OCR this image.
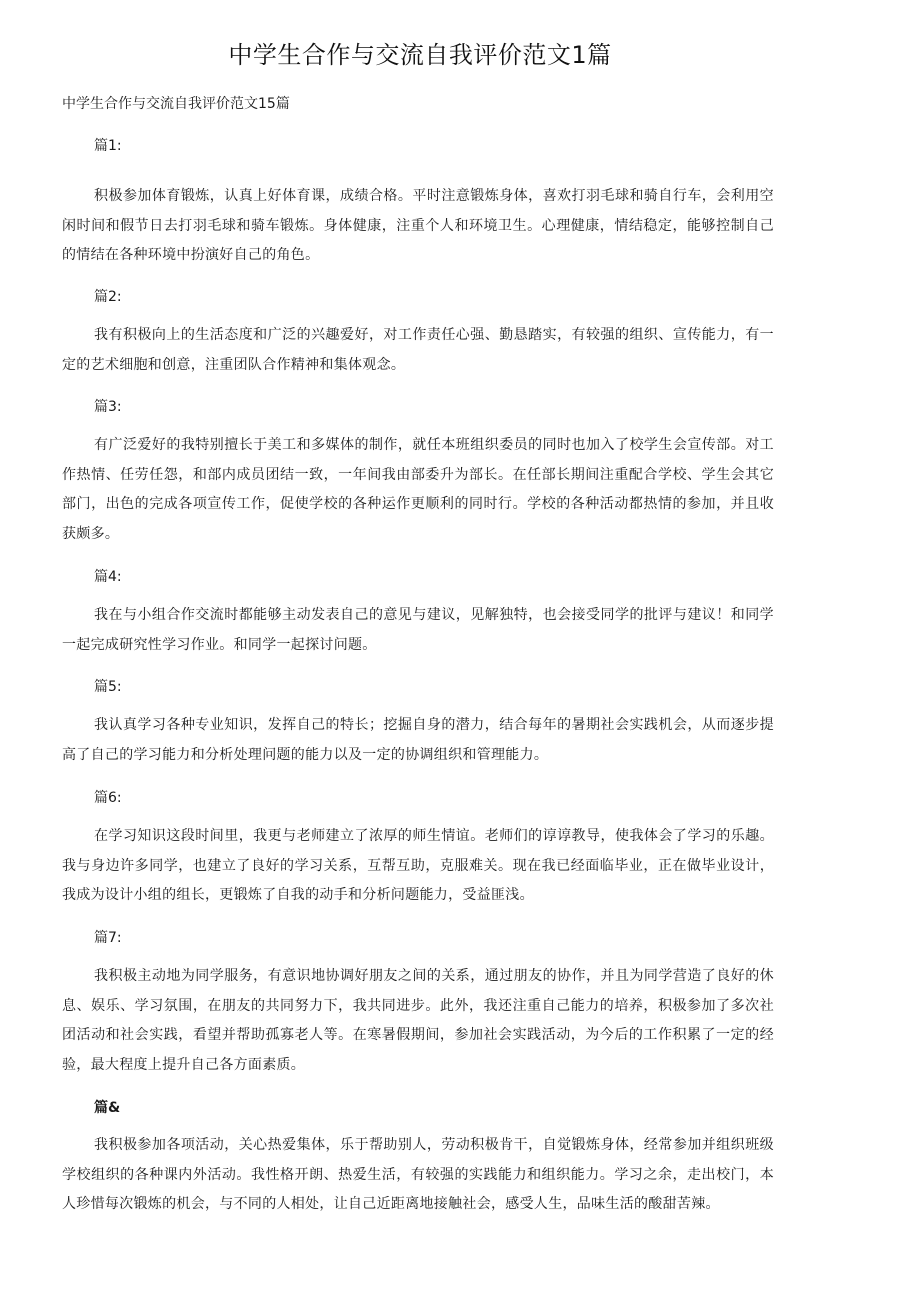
中学生合作与交流自我评价范文1篇
中学生合作与交流自我评价范文15篇
篇1:
积极参加体育锻炼，认真上好体育课，成绩合格。平时注意锻炼身体，喜欢打羽毛球和骑自行车，会利用空闲时间和假节日去打羽毛球和骑车锻炼。身体健康，注重个人和环境卫生。心理健康，情结稳定，能够控制自己的情结在各种环境中扮演好自己的角色。
篇2:
我有积极向上的生活态度和广泛的兴趣爱好，对工作责任心强、勤恳踏实，有较强的组织、宣传能力，有一定的艺术细胞和创意，注重团队合作精神和集体观念。
篇3:
有广泛爱好的我特别擅长于美工和多媒体的制作，就任本班组织委员的同时也加入了校学生会宣传部。对工作热情、任劳任怨，和部内成员团结一致，一年间我由部委升为部长。在任部长期间注重配合学校、学生会其它部门，出色的完成各项宣传工作，促使学校的各种运作更顺利的同时行。学校的各种活动都热情的参加，并且收获颇多。
篇4:
我在与小组合作交流时都能够主动发表自己的意见与建议，见解独特，也会接受同学的批评与建议！和同学一起完成研究性学习作业。和同学一起探讨问题。
篇5:
我认真学习各种专业知识，发挥自己的特长；挖掘自身的潜力，结合每年的暑期社会实践机会，从而逐步提高了自己的学习能力和分析处理问题的能力以及一定的协调组织和管理能力。
篇6:
在学习知识这段时间里，我更与老师建立了浓厚的师生情谊。老师们的谆谆教导，使我体会了学习的乐趣。我与身边许多同学，也建立了良好的学习关系，互帮互助，克服难关。现在我已经面临毕业，正在做毕业设计，我成为设计小组的组长，更锻炼了自我的动手和分析问题能力，受益匪浅。
篇7:
我积极主动地为同学服务，有意识地协调好朋友之间的关系，通过朋友的协作，并且为同学营造了良好的休息、娱乐、学习氛围，在朋友的共同努力下，我共同进步。此外，我还注重自己能力的培养，积极参加了多次社团活动和社会实践，看望并帮助孤寡老人等。在寒暑假期间，参加社会实践活动，为今后的工作积累了一定的经验，最大程度上提升自己各方面素质。
篇&
我积极参加各项活动，关心热爱集体，乐于帮助别人，劳动积极肯干，自觉锻炼身体，经常参加并组织班级学校组织的各种课内外活动。我性格开朗、热爱生活，有较强的实践能力和组织能力。学习之余，走出校门，本人珍惜每次锻炼的机会，与不同的人相处，让自己近距离地接触社会，感受人生，品味生活的酸甜苦辣。
